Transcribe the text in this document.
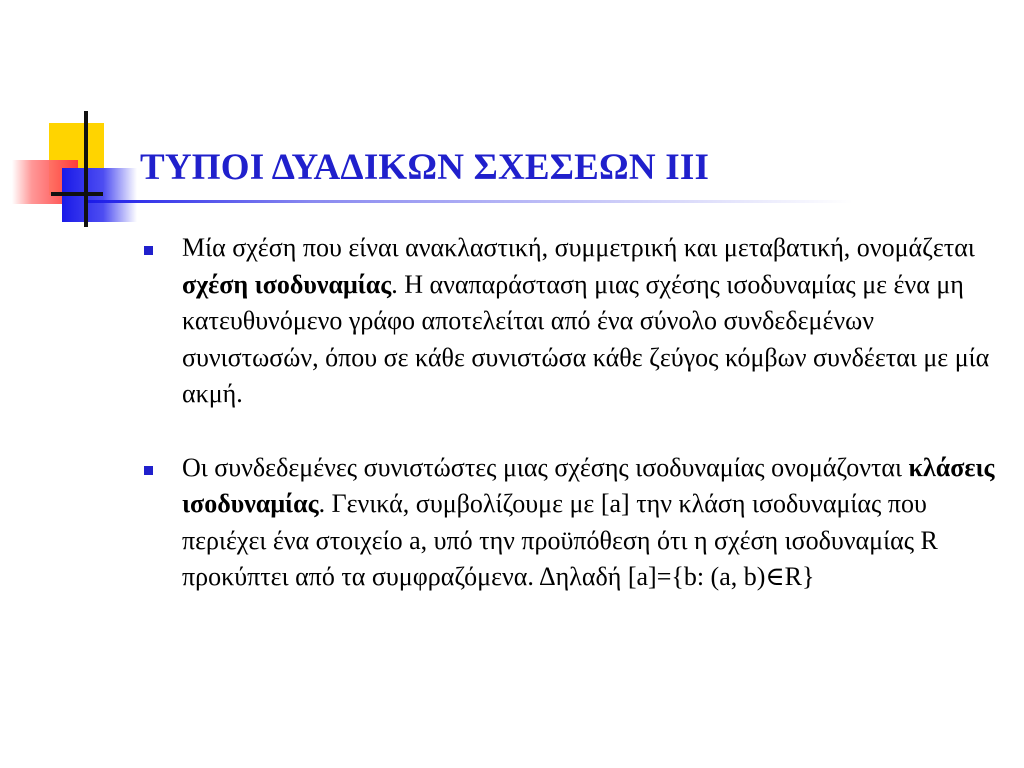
ΤΥΠΟΙ ΔΥΑΔΙΚΩΝ ΣΧΕΣΕΩΝ III
Μία σχέση που είναι ανακλαστική, συμμετρική και μεταβατική, ονομάζεται σχέση ισοδυναμίας. Η αναπαράσταση μιας σχέσης ισοδυναμίας με ένα μη κατευθυνόμενο γράφο αποτελείται από ένα σύνολο συνδεδεμένων συνιστωσών, όπου σε κάθε συνιστώσα κάθε ζεύγος κόμβων συνδέεται με μία ακμή.
Οι συνδεδεμένες συνιστώστες μιας σχέσης ισοδυναμίας ονομάζονται κλάσεις ισοδυναμίας. Γενικά, συμβολίζουμε με [a] την κλάση ισοδυναμίας που περιέχει ένα στοιχείο a, υπό την προϋπόθεση ότι η σχέση ισοδυναμίας R προκύπτει από τα συμφραζόμενα. Δηλαδή [a]={b: (a, b)∈R}
